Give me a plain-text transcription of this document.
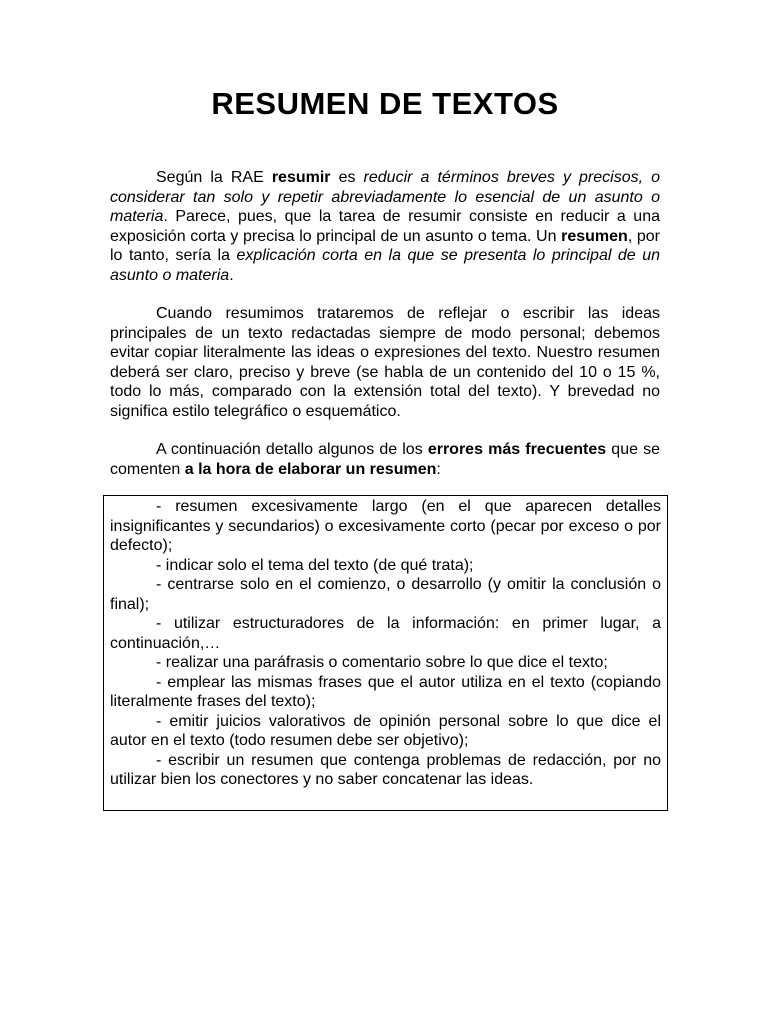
RESUMEN DE TEXTOS

Según la RAE resumir es reducir a términos breves y precisos, o considerar tan solo y repetir abreviadamente lo esencial de un asunto o materia. Parece, pues, que la tarea de resumir consiste en reducir a una exposición corta y precisa lo principal de un asunto o tema. Un resumen, por lo tanto, sería la explicación corta en la que se presenta lo principal de un asunto o materia.

Cuando resumimos trataremos de reflejar o escribir las ideas principales de un texto redactadas siempre de modo personal; debemos evitar copiar literalmente las ideas o expresiones del texto. Nuestro resumen deberá ser claro, preciso y breve (se habla de un contenido del 10 o 15 %, todo lo más, comparado con la extensión total del texto). Y brevedad no significa estilo telegráfico o esquemático.

A continuación detallo algunos de los errores más frecuentes que se comenten a la hora de elaborar un resumen:

- resumen excesivamente largo (en el que aparecen detalles insignificantes y secundarios) o excesivamente corto (pecar por exceso o por defecto);

- indicar solo el tema del texto (de qué trata);

- centrarse solo en el comienzo, o desarrollo (y omitir la conclusión o final);

- utilizar estructuradores de la información: en primer lugar, a continuación,…

- realizar una paráfrasis o comentario sobre lo que dice el texto;

- emplear las mismas frases que el autor utiliza en el texto (copiando literalmente frases del texto);

- emitir juicios valorativos de opinión personal sobre lo que dice el autor en el texto (todo resumen debe ser objetivo);

- escribir un resumen que contenga problemas de redacción, por no utilizar bien los conectores y no saber concatenar las ideas.
